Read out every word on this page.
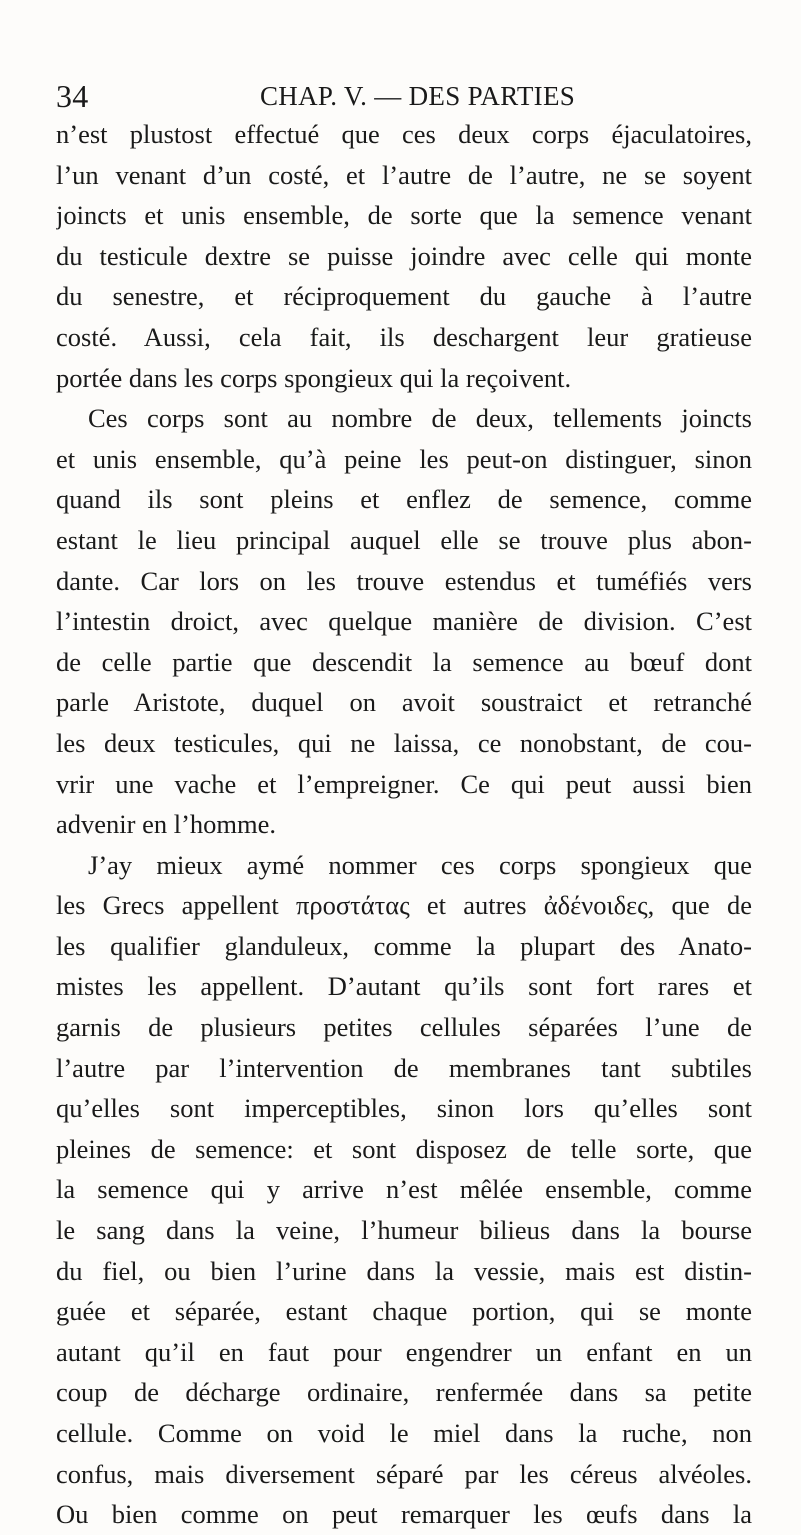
34	CHAP. V. — DES PARTIES
n’est plustost effectué que ces deux corps éjaculatoires,
l’un venant d’un costé, et l’autre de l’autre, ne se soyent
joincts et unis ensemble, de sorte que la semence venant
du testicule dextre se puisse joindre avec celle qui monte
du senestre, et réciproquement du gauche à l’autre
costé. Aussi, cela fait, ils deschargent leur gratieuse
portée dans les corps spongieux qui la reçoivent.
Ces corps sont au nombre de deux, tellements joincts
et unis ensemble, qu’à peine les peut-on distinguer, sinon
quand ils sont pleins et enflez de semence, comme
estant le lieu principal auquel elle se trouve plus abon-
dante. Car lors on les trouve estendus et tuméfiés vers
l’intestin droict, avec quelque manière de division. C’est
de celle partie que descendit la semence au bœuf dont
parle Aristote, duquel on avoit soustraict et retranché
les deux testicules, qui ne laissa, ce nonobstant, de cou-
vrir une vache et l’empreigner. Ce qui peut aussi bien
advenir en l’homme.
J’ay mieux aymé nommer ces corps spongieux que
les Grecs appellent προστάτας et autres ἀδένοιδες, que de
les qualifier glanduleux, comme la plupart des Anato-
mistes les appellent. D’autant qu’ils sont fort rares et
garnis de plusieurs petites cellules séparées l’une de
l’autre par l’intervention de membranes tant subtiles
qu’elles sont imperceptibles, sinon lors qu’elles sont
pleines de semence: et sont disposez de telle sorte, que
la semence qui y arrive n’est mêlée ensemble, comme
le sang dans la veine, l’humeur bilieus dans la bourse
du fiel, ou bien l’urine dans la vessie, mais est distin-
guée et séparée, estant chaque portion, qui se monte
autant qu’il en faut pour engendrer un enfant en un
coup de décharge ordinaire, renfermée dans sa petite
cellule. Comme on void le miel dans la ruche, non
confus, mais diversement séparé par les céreus alvéoles.
Ou bien comme on peut remarquer les œufs dans la
